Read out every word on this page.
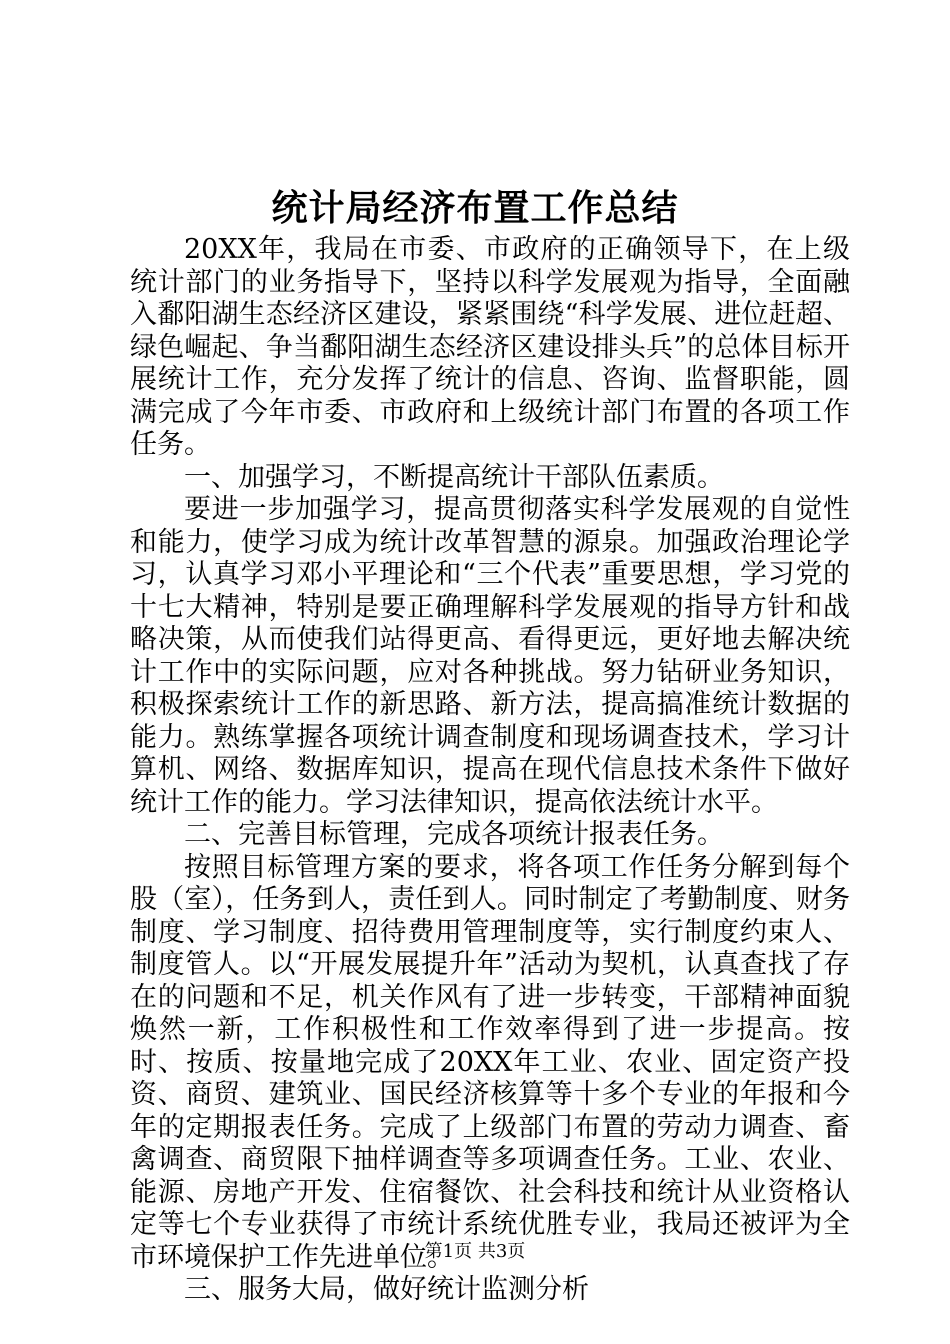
统计局经济布置工作总结

20XX年，我局在市委、市政府的正确领导下，在上级统计部门的业务指导下，坚持以科学发展观为指导，全面融入鄱阳湖生态经济区建设，紧紧围绕“科学发展、进位赶超、绿色崛起、争当鄱阳湖生态经济区建设排头兵”的总体目标开展统计工作，充分发挥了统计的信息、咨询、监督职能，圆满完成了今年市委、市政府和上级统计部门布置的各项工作任务。

一、加强学习，不断提高统计干部队伍素质。

要进一步加强学习，提高贯彻落实科学发展观的自觉性和能力，使学习成为统计改革智慧的源泉。加强政治理论学习，认真学习邓小平理论和“三个代表”重要思想，学习党的十七大精神，特别是要正确理解科学发展观的指导方针和战略决策，从而使我们站得更高、看得更远，更好地去解决统计工作中的实际问题，应对各种挑战。努力钻研业务知识，积极探索统计工作的新思路、新方法，提高搞准统计数据的能力。熟练掌握各项统计调查制度和现场调查技术，学习计算机、网络、数据库知识，提高在现代信息技术条件下做好统计工作的能力。学习法律知识，提高依法统计水平。

二、完善目标管理，完成各项统计报表任务。

按照目标管理方案的要求，将各项工作任务分解到每个股（室），任务到人，责任到人。同时制定了考勤制度、财务制度、学习制度、招待费用管理制度等，实行制度约束人、制度管人。以“开展发展提升年”活动为契机，认真查找了存在的问题和不足，机关作风有了进一步转变，干部精神面貌焕然一新，工作积极性和工作效率得到了进一步提高。按时、按质、按量地完成了20XX年工业、农业、固定资产投资、商贸、建筑业、国民经济核算等十多个专业的年报和今年的定期报表任务。完成了上级部门布置的劳动力调查、畜禽调查、商贸限下抽样调查等多项调查任务。工业、农业、能源、房地产开发、住宿餐饮、社会科技和统计从业资格认定等七个专业获得了市统计系统优胜专业，我局还被评为全市环境保护工作先进单位。

三、服务大局，做好统计监测分析

第1页 共3页
